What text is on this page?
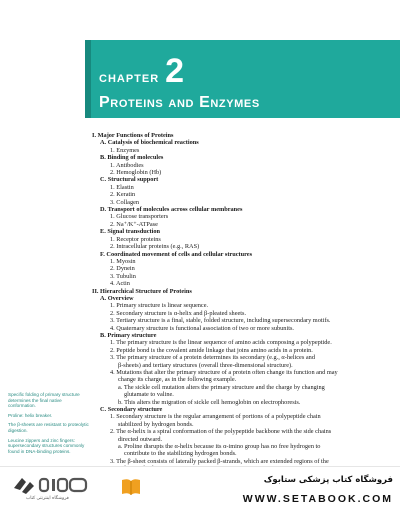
CHAPTER 2
Proteins and Enzymes
I. Major Functions of Proteins
A. Catalysis of biochemical reactions
1. Enzymes
B. Binding of molecules
1. Antibodies
2. Hemoglobin (Hb)
C. Structural support
1. Elastin
2. Keratin
3. Collagen
D. Transport of molecules across cellular membranes
1. Glucose transporters
2. Na⁺/K⁺-ATPase
E. Signal transduction
1. Receptor proteins
2. Intracellular proteins (e.g., RAS)
F. Coordinated movement of cells and cellular structures
1. Myosin
2. Dynein
3. Tubulin
4. Actin
II. Hierarchical Structure of Proteins
A. Overview
1. Primary structure is linear sequence.
2. Secondary structure is α-helix and β-pleated sheets.
3. Tertiary structure is a final, stable, folded structure, including supersecondary motifs.
4. Quaternary structure is functional association of two or more subunits.
B. Primary structure
1. The primary structure is the linear sequence of amino acids composing a polypeptide.
2. Peptide bond is the covalent amide linkage that joins amino acids in a protein.
3. The primary structure of a protein determines its secondary (e.g., α-helices and
β-sheets) and tertiary structures (overall three-dimensional structure).
4. Mutations that alter the primary structure of a protein often change its function and may
change its charge, as in the following example.
a. The sickle cell mutation alters the primary structure and the charge by changing
glutamate to valine.
b. This alters the migration of sickle cell hemoglobin on electrophoresis.
C. Secondary structure
1. Secondary structure is the regular arrangement of portions of a polypeptide chain
stabilized by hydrogen bonds.
2. The α-helix is a spiral conformation of the polypeptide backbone with the side chains
directed outward.
a. Proline disrupts the α-helix because its α-imino group has no free hydrogen to
contribute to the stabilizing hydrogen bonds.
3. The β-sheet consists of laterally packed β-strands, which are extended regions of the

Specific folding of primary structure determines the final native conformation.

Proline: helix breaker.

The β-sheets are resistant to proteolytic digestion.

Leucine zippers and zinc fingers: supersecondary structures commonly found in DNA-binding proteins.

فروشگاه اینترنتی کتاب
فروشگاه کتاب پزشکی ستابوک
WWW.SETABOOK.COM
